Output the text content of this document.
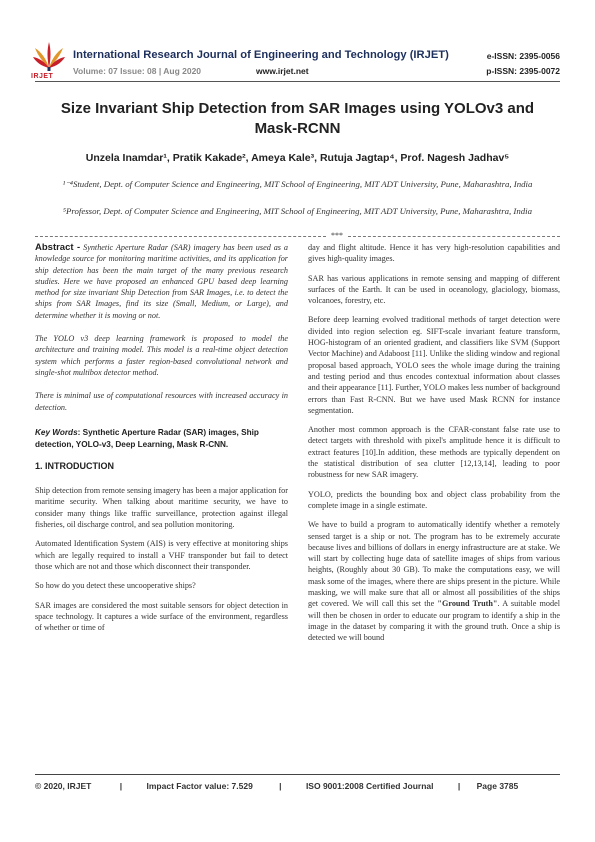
IRJET
International Research Journal of Engineering and Technology (IRJET)
Volume: 07 Issue: 08 | Aug 2020	www.irjet.net
e-ISSN: 2395-0056
p-ISSN: 2395-0072
Size Invariant Ship Detection from SAR Images using YOLOv3 and Mask-RCNN
Unzela Inamdar¹, Pratik Kakade², Ameya Kale³, Rutuja Jagtap⁴, Prof. Nagesh Jadhav⁵
¹⁻⁴Student, Dept. of Computer Science and Engineering, MIT School of Engineering, MIT ADT University, Pune, Maharashtra, India
⁵Professor, Dept. of Computer Science and Engineering, MIT School of Engineering, MIT ADT University, Pune, Maharashtra, India
***

Abstract - Synthetic Aperture Radar (SAR) imagery has been used as a knowledge source for monitoring maritime activities, and its application for ship detection has been the main target of the many previous research studies. Here we have proposed an enhanced GPU based deep learning method for size invariant Ship Detection from SAR Images, i.e. to detect the ships from SAR Images, find its size (Small, Medium, or Large), and determine whether it is moving or not.

The YOLO v3 deep learning framework is proposed to model the architecture and training model. This model is a real-time object detection system which performs a faster region-based convolutional network and single-shot multibox detector method.

There is minimal use of computational resources with increased accuracy in detection.

Key Words: Synthetic Aperture Radar (SAR) images, Ship detection, YOLO-v3, Deep Learning, Mask R-CNN.

1. INTRODUCTION

Ship detection from remote sensing imagery has been a major application for maritime security. When talking about maritime security, we have to consider many things like traffic surveillance, protection against illegal fisheries, oil discharge control, and sea pollution monitoring.

Automated Identification System (AIS) is very effective at monitoring ships which are legally required to install a VHF transponder but fail to detect those which are not and those which disconnect their transponder.

So how do you detect these uncooperative ships?

SAR images are considered the most suitable sensors for object detection in space technology. It captures a wide surface of the environment, regardless of whether or time of

day and flight altitude. Hence it has very high-resolution capabilities and gives high-quality images.

SAR has various applications in remote sensing and mapping of different surfaces of the Earth. It can be used in oceanology, glaciology, biomass, volcanoes, forestry, etc.

Before deep learning evolved traditional methods of target detection were divided into region selection eg. SIFT-scale invariant feature transform, HOG-histogram of an oriented gradient, and classifiers like SVM (Support Vector Machine) and Adaboost [11]. Unlike the sliding window and regional proposal based approach, YOLO sees the whole image during the training and testing period and thus encodes contextual information about classes and their appearance [11]. Further, YOLO makes less number of background errors than Fast R-CNN. But we have used Mask RCNN for instance segmentation.

Another most common approach is the CFAR-constant false rate use to detect targets with threshold with pixel's amplitude hence it is difficult to extract features [10].In addition, these methods are typically dependent on the statistical distribution of sea clutter [12,13,14], leading to poor robustness for new SAR imagery.

YOLO, predicts the bounding box and object class probability from the complete image in a single estimate.

We have to build a program to automatically identify whether a remotely sensed target is a ship or not. The program has to be extremely accurate because lives and billions of dollars in energy infrastructure are at stake. We will start by collecting huge data of satellite images of ships from various heights, (Roughly about 30 GB). To make the computations easy, we will mask some of the images, where there are ships present in the picture. While masking, we will make sure that all or almost all possibilities of the ships get covered. We will call this set the "Ground Truth". A suitable model will then be chosen in order to educate our program to identify a ship in the image in the dataset by comparing it with the ground truth. Once a ship is detected we will bound

© 2020, IRJET	|	Impact Factor value: 7.529	|	ISO 9001:2008 Certified Journal	| Page 3785
